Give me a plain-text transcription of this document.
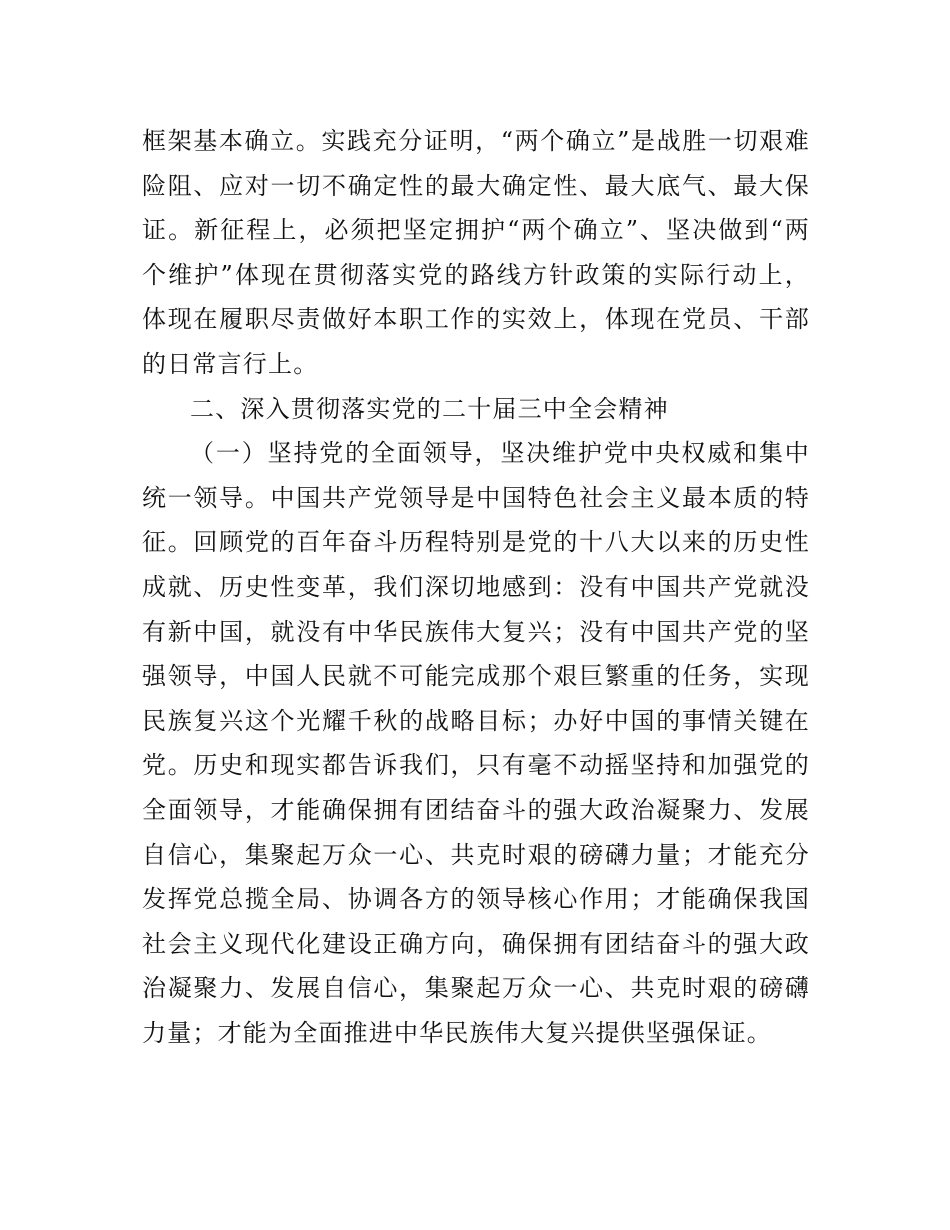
框架基本确立。实践充分证明，“两个确立”是战胜一切艰难险阻、应对一切不确定性的最大确定性、最大底气、最大保证。新征程上，必须把坚定拥护“两个确立”、坚决做到“两个维护”体现在贯彻落实党的路线方针政策的实际行动上，体现在履职尽责做好本职工作的实效上，体现在党员、干部的日常言行上。

二、深入贯彻落实党的二十届三中全会精神

（一）坚持党的全面领导，坚决维护党中央权威和集中统一领导。中国共产党领导是中国特色社会主义最本质的特征。回顾党的百年奋斗历程特别是党的十八大以来的历史性成就、历史性变革，我们深切地感到：没有中国共产党就没有新中国，就没有中华民族伟大复兴；没有中国共产党的坚强领导，中国人民就不可能完成那个艰巨繁重的任务，实现民族复兴这个光耀千秋的战略目标；办好中国的事情关键在党。历史和现实都告诉我们，只有毫不动摇坚持和加强党的全面领导，才能确保拥有团结奋斗的强大政治凝聚力、发展自信心，集聚起万众一心、共克时艰的磅礴力量；才能充分发挥党总揽全局、协调各方的领导核心作用；才能确保我国社会主义现代化建设正确方向，确保拥有团结奋斗的强大政治凝聚力、发展自信心，集聚起万众一心、共克时艰的磅礴力量；才能为全面推进中华民族伟大复兴提供坚强保证。
